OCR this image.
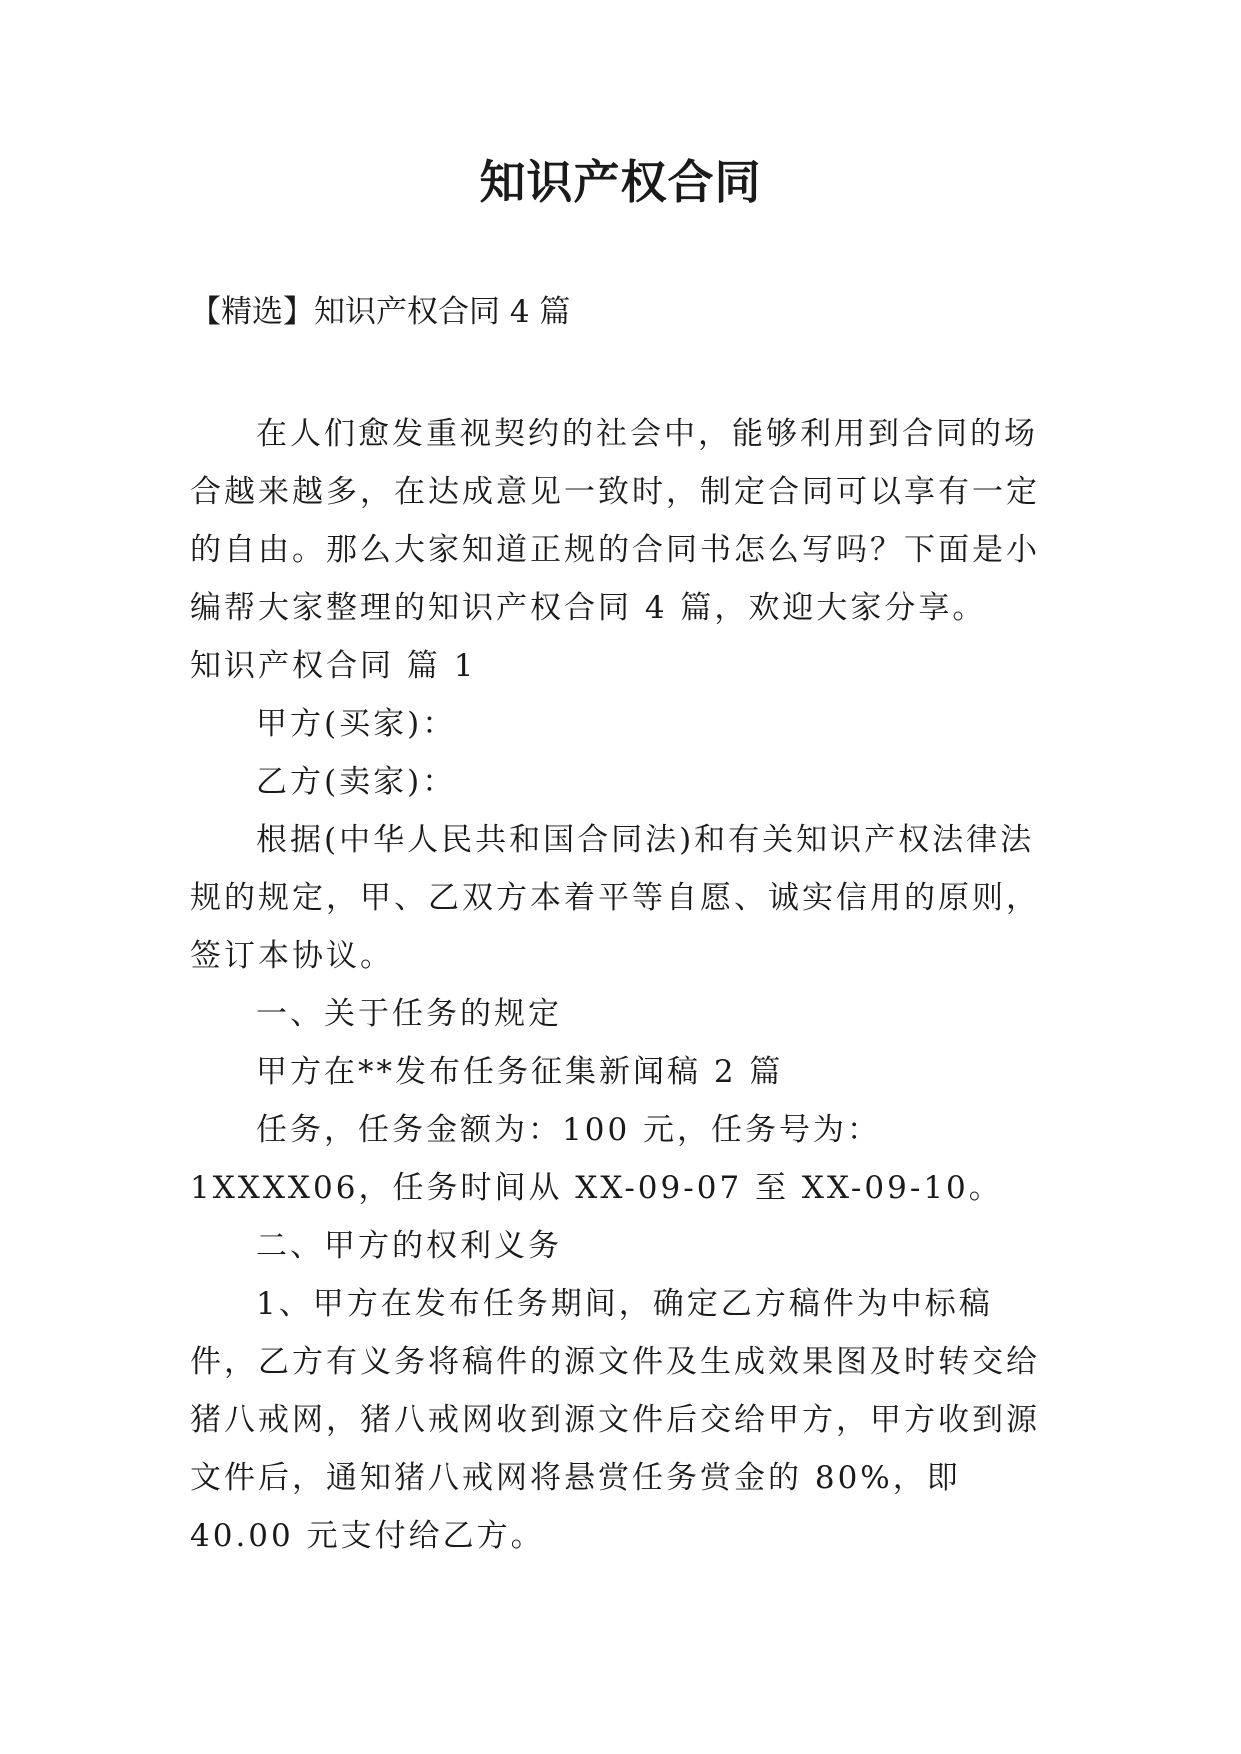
知识产权合同
【精选】知识产权合同 4 篇

在人们愈发重视契约的社会中，能够利用到合同的场合越来越多，在达成意见一致时，制定合同可以享有一定的自由。那么大家知道正规的合同书怎么写吗？下面是小编帮大家整理的知识产权合同 4 篇，欢迎大家分享。

知识产权合同 篇 1

甲方(买家)：

乙方(卖家)：

根据(中华人民共和国合同法)和有关知识产权法律法规的规定，甲、乙双方本着平等自愿、诚实信用的原则，签订本协议。

一、关于任务的规定

甲方在**发布任务征集新闻稿 2 篇

任务，任务金额为：100 元，任务号为：1XXXX06，任务时间从 XX-09-07 至 XX-09-10。

二、甲方的权利义务

1、甲方在发布任务期间，确定乙方稿件为中标稿件，乙方有义务将稿件的源文件及生成效果图及时转交给猪八戒网，猪八戒网收到源文件后交给甲方，甲方收到源文件后，通知猪八戒网将悬赏任务赏金的 80%，即 40.00 元支付给乙方。
